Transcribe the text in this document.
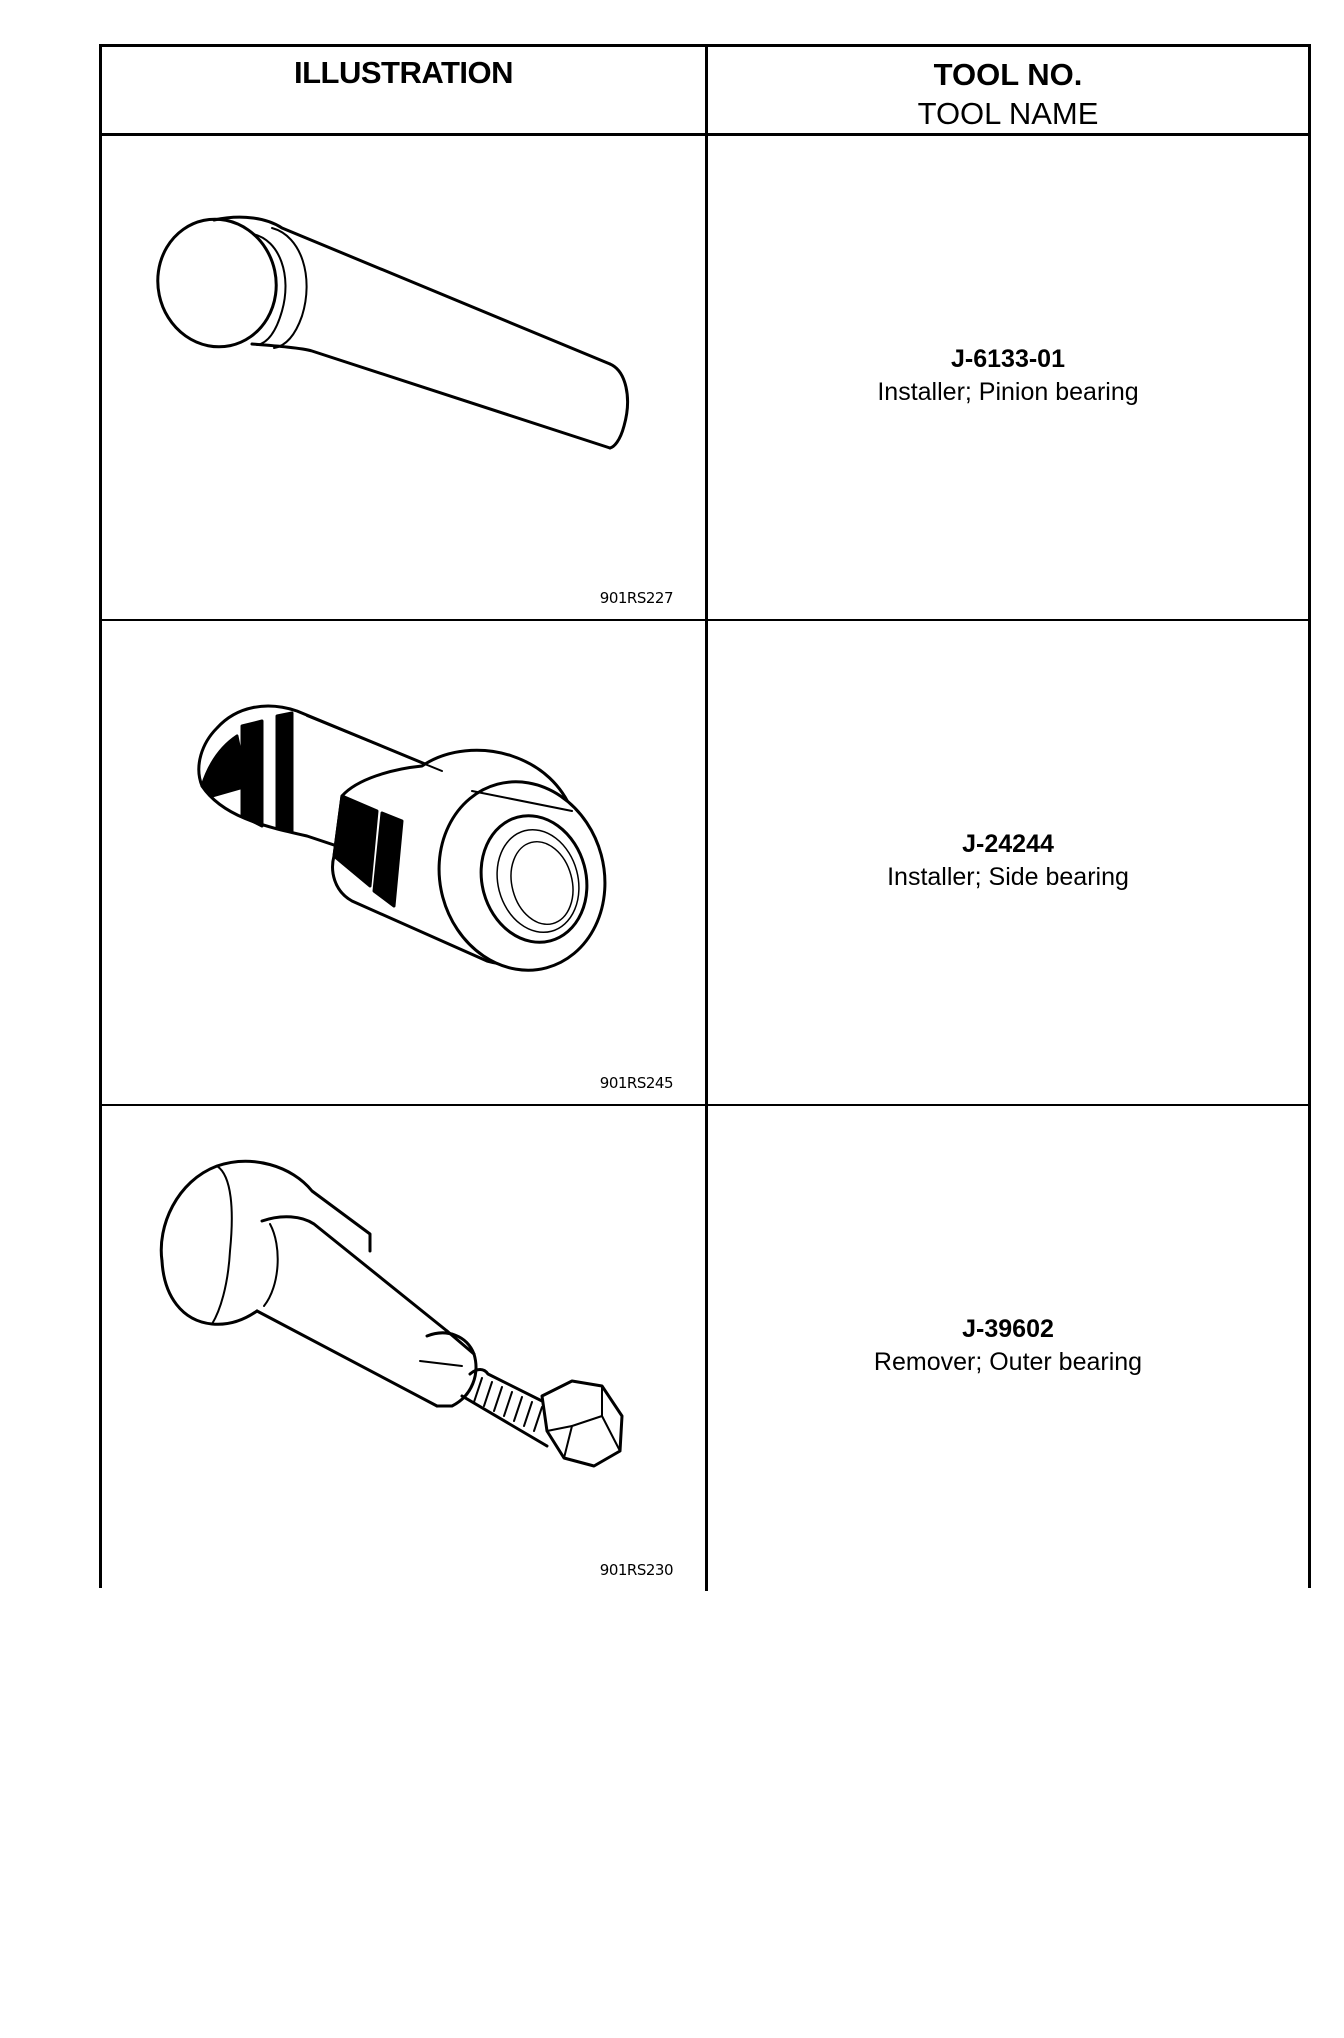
ILLUSTRATION	TOOL NO.
TOOL NAME
901RS227
J-6133-01
Installer; Pinion bearing
901RS245
J-24244
Installer; Side bearing
901RS230
J-39602
Remover; Outer bearing
